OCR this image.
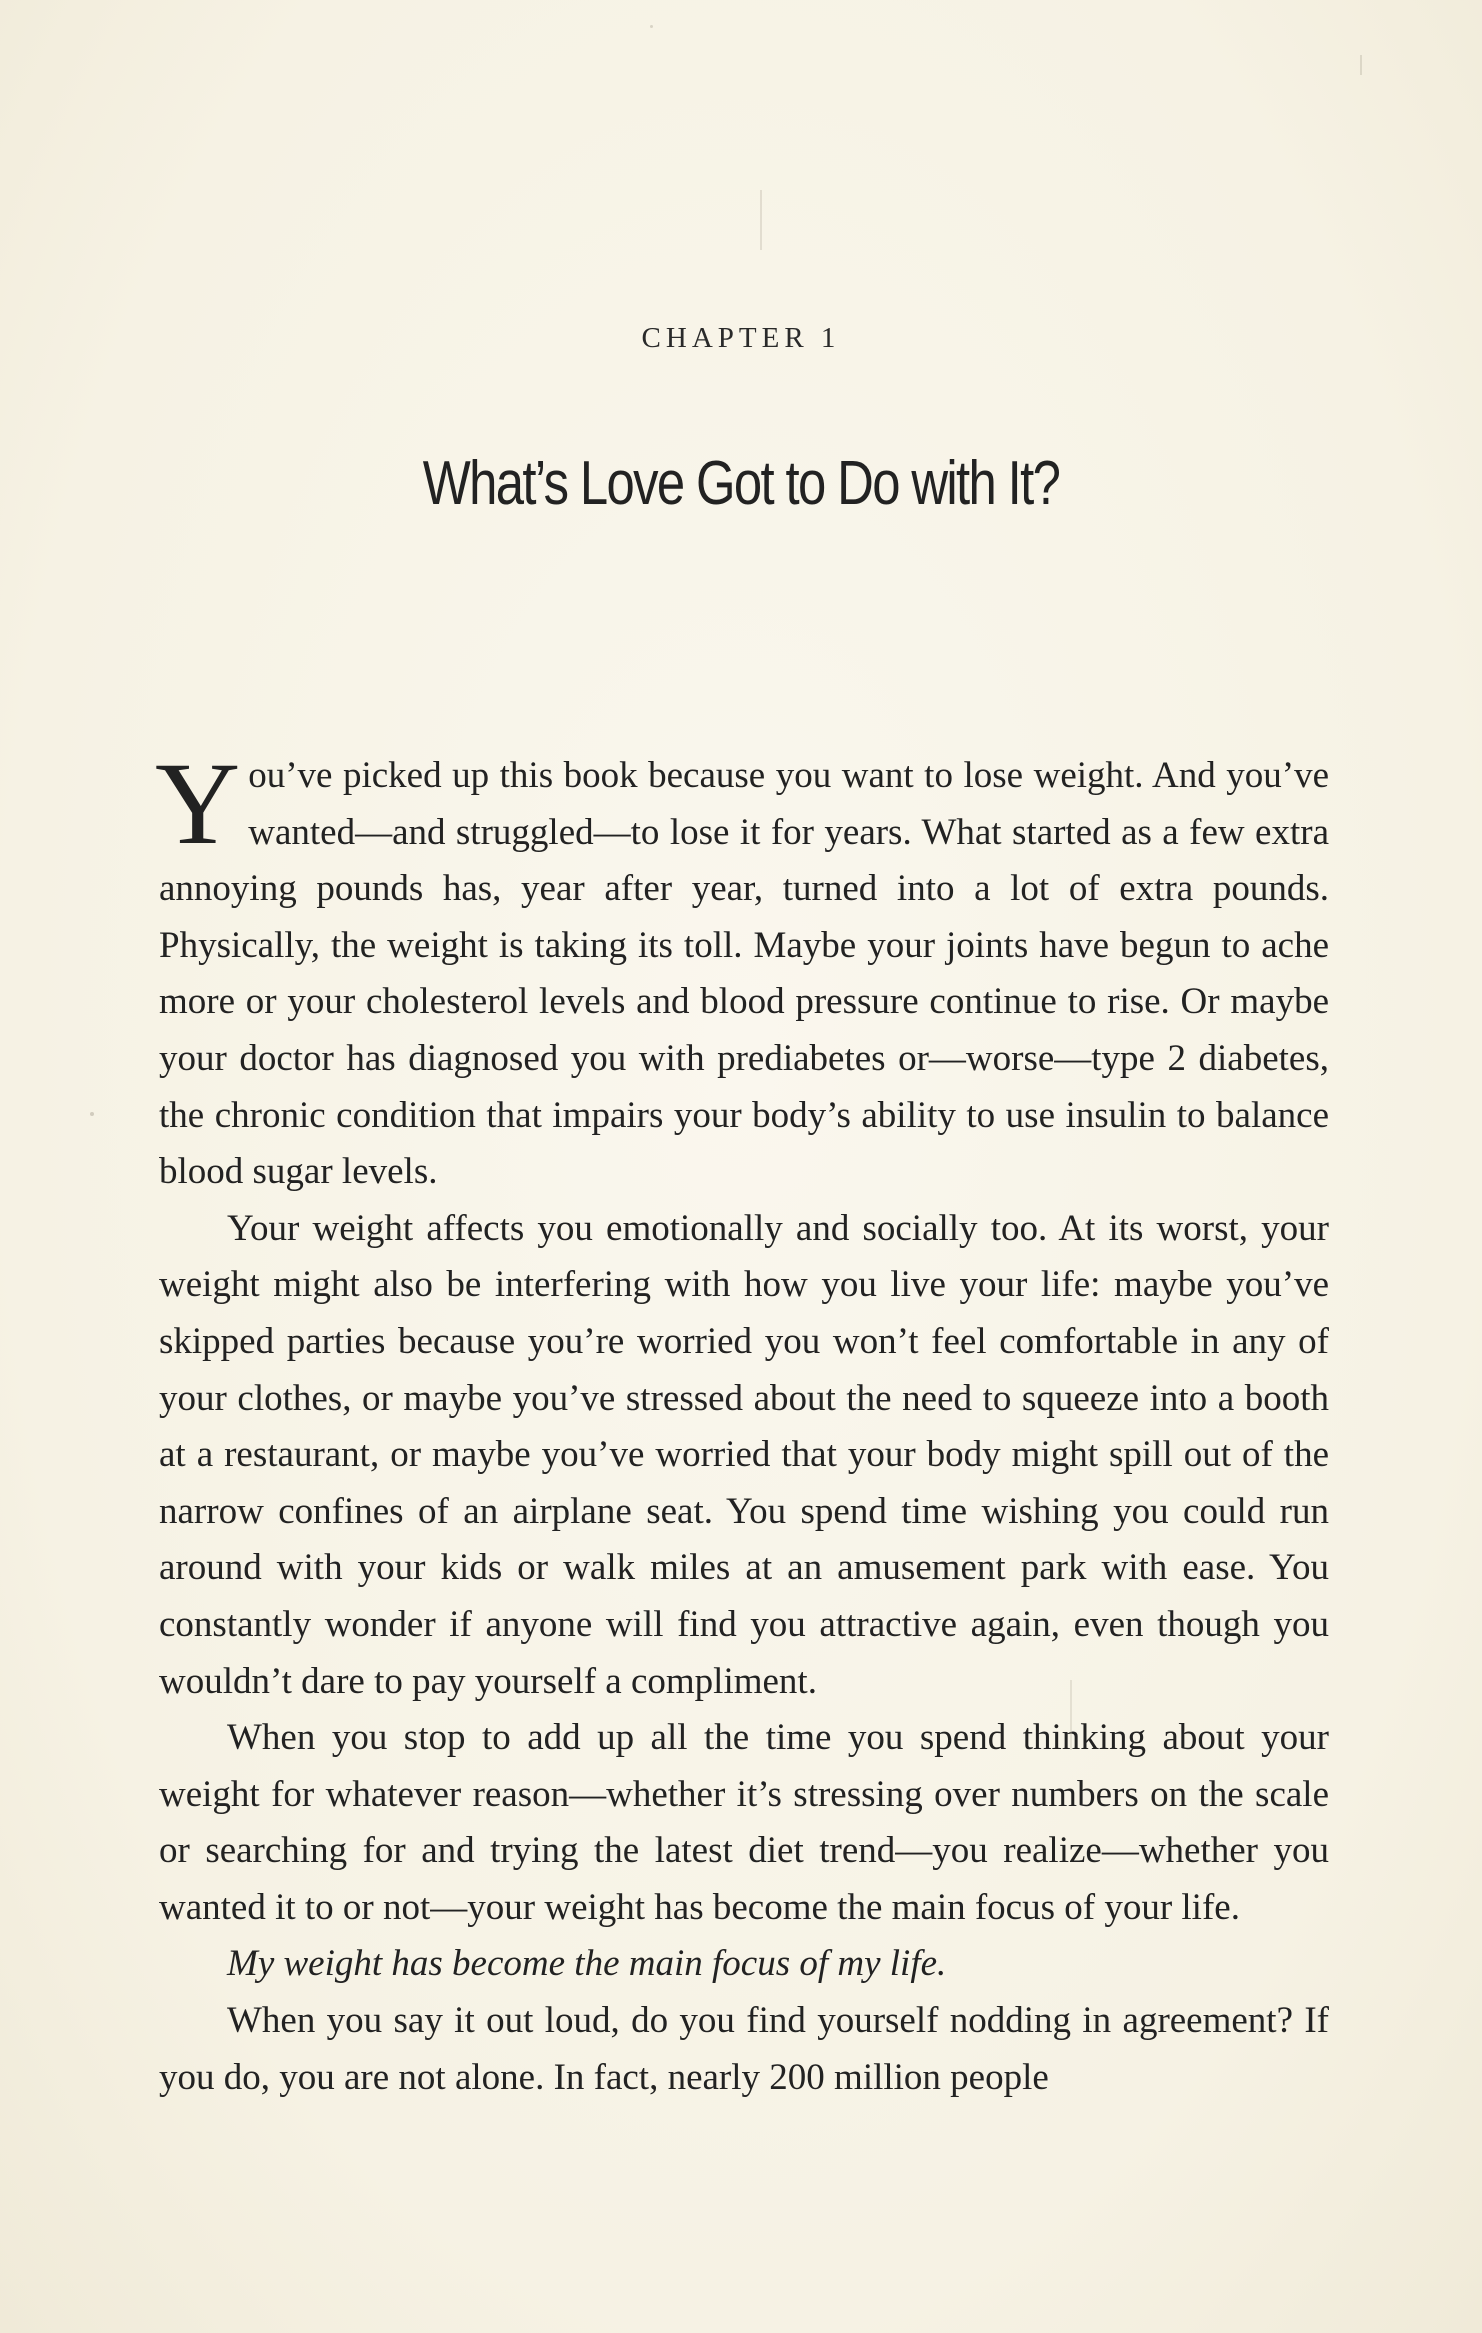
CHAPTER 1
What’s Love Got to Do with It?

You’ve picked up this book because you want to lose weight. And you’ve wanted—and struggled—to lose it for years. What started as a few extra annoying pounds has, year after year, turned into a lot of extra pounds. Physically, the weight is taking its toll. Maybe your joints have begun to ache more or your cholesterol levels and blood pressure continue to rise. Or maybe your doctor has diagnosed you with prediabetes or—worse—type 2 diabetes, the chronic condition that impairs your body’s ability to use insulin to balance blood sugar levels.

Your weight affects you emotionally and socially too. At its worst, your weight might also be interfering with how you live your life: maybe you’ve skipped parties because you’re worried you won’t feel comfortable in any of your clothes, or maybe you’ve stressed about the need to squeeze into a booth at a restaurant, or maybe you’ve worried that your body might spill out of the narrow confines of an airplane seat. You spend time wishing you could run around with your kids or walk miles at an amusement park with ease. You constantly wonder if anyone will find you attractive again, even though you wouldn’t dare to pay yourself a compliment.

When you stop to add up all the time you spend thinking about your weight for whatever reason—whether it’s stressing over numbers on the scale or searching for and trying the latest diet trend—you realize—whether you wanted it to or not—your weight has become the main focus of your life.

My weight has become the main focus of my life.

When you say it out loud, do you find yourself nodding in agreement? If you do, you are not alone. In fact, nearly 200 million people
